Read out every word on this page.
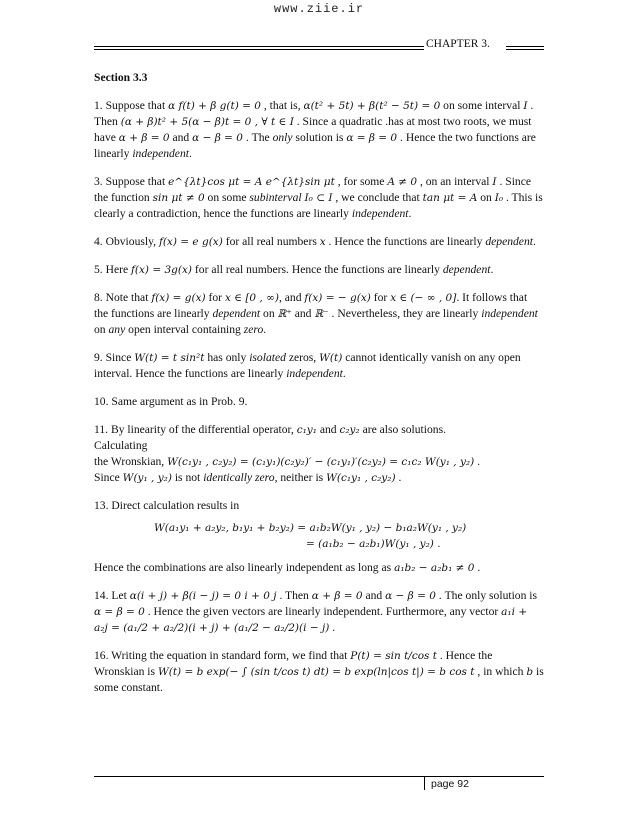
www.ziie.ir
CHAPTER 3.
Section 3.3
1. Suppose that α f(t) + β g(t) = 0 , that is, α(t² + 5t) + β(t² − 5t) = 0 on some interval I . Then (α + β)t² + 5(α − β)t = 0 , ∀ t ∈ I . Since a quadratic .has at most two roots, we must have α + β = 0 and α − β = 0 . The only solution is α = β = 0 . Hence the two functions are linearly independent.
3. Suppose that e^{λt}cos μt = A e^{λt}sin μt , for some A ≠ 0 , on an interval I . Since the function sin μt ≠ 0 on some subinterval I₀ ⊂ I , we conclude that tan μt = A on I₀ . This is clearly a contradiction, hence the functions are linearly independent.
4. Obviously, f(x) = e g(x) for all real numbers x . Hence the functions are linearly dependent.
5. Here f(x) = 3g(x) for all real numbers. Hence the functions are linearly dependent.
8. Note that f(x) = g(x) for x ∈ [0 , ∞), and f(x) = − g(x) for x ∈ (− ∞ , 0]. It follows that the functions are linearly dependent on ℝ⁺ and ℝ⁻ . Nevertheless, they are linearly independent on any open interval containing zero.
9. Since W(t) = t sin²t has only isolated zeros, W(t) cannot identically vanish on any open interval. Hence the functions are linearly independent.
10. Same argument as in Prob. 9.
11. By linearity of the differential operator, c₁y₁ and c₂y₂ are also solutions.
Calculating
the Wronskian, W(c₁y₁ , c₂y₂) = (c₁y₁)(c₂y₂)′ − (c₁y₁)′(c₂y₂) = c₁c₂ W(y₁ , y₂) .
Since W(y₁ , y₂) is not identically zero, neither is W(c₁y₁ , c₂y₂) .
13. Direct calculation results in
W(a₁y₁ + a₂y₂, b₁y₁ + b₂y₂) = a₁b₂W(y₁ , y₂) − b₁a₂W(y₁ , y₂)
= (a₁b₂ − a₂b₁)W(y₁ , y₂) .
Hence the combinations are also linearly independent as long as a₁b₂ − a₂b₁ ≠ 0 .
14. Let α(i + j) + β(i − j) = 0 i + 0 j . Then α + β = 0 and α − β = 0 . The only solution is α = β = 0 . Hence the given vectors are linearly independent. Furthermore, any vector a₁i + a₂j = (a₁/2 + a₂/2)(i + j) + (a₁/2 − a₂/2)(i − j) .
16. Writing the equation in standard form, we find that P(t) = sin t/cos t . Hence the Wronskian is W(t) = b exp(− ∫ (sin t/cos t) dt) = b exp(ln|cos t|) = b cos t , in which b is some constant.
page 92
